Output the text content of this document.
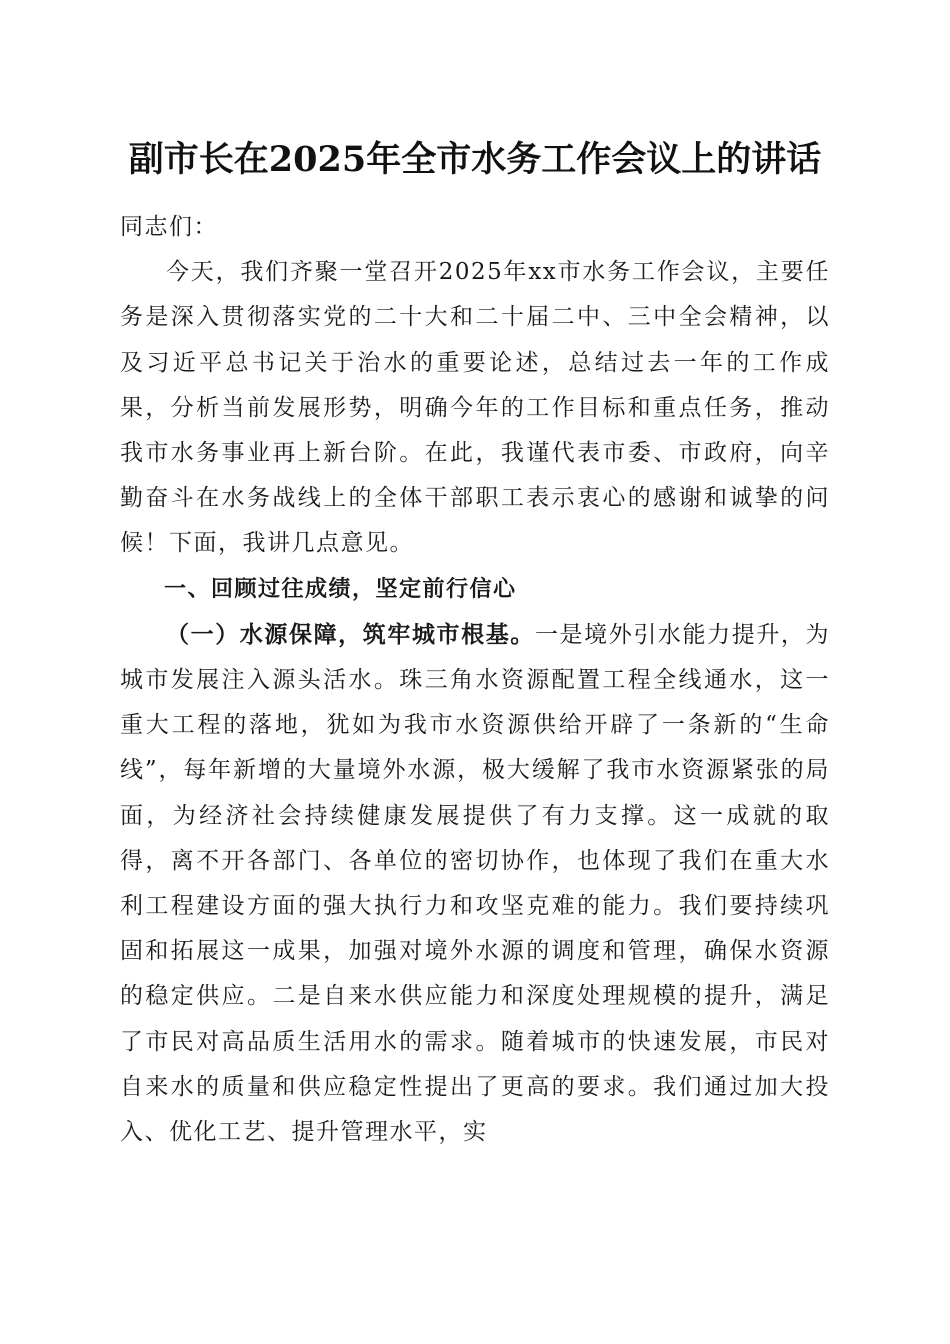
副市长在2025年全市水务工作会议上的讲话

同志们：

今天，我们齐聚一堂召开2025年xx市水务工作会议，主要任务是深入贯彻落实党的二十大和二十届二中、三中全会精神，以及习近平总书记关于治水的重要论述，总结过去一年的工作成果，分析当前发展形势，明确今年的工作目标和重点任务，推动我市水务事业再上新台阶。在此，我谨代表市委、市政府，向辛勤奋斗在水务战线上的全体干部职工表示衷心的感谢和诚挚的问候！下面，我讲几点意见。

一、回顾过往成绩，坚定前行信心

（一）水源保障，筑牢城市根基。一是境外引水能力提升，为城市发展注入源头活水。珠三角水资源配置工程全线通水，这一重大工程的落地，犹如为我市水资源供给开辟了一条新的“生命线”，每年新增的大量境外水源，极大缓解了我市水资源紧张的局面，为经济社会持续健康发展提供了有力支撑。这一成就的取得，离不开各部门、各单位的密切协作，也体现了我们在重大水利工程建设方面的强大执行力和攻坚克难的能力。我们要持续巩固和拓展这一成果，加强对境外水源的调度和管理，确保水资源的稳定供应。二是自来水供应能力和深度处理规模的提升，满足了市民对高品质生活用水的需求。随着城市的快速发展，市民对自来水的质量和供应稳定性提出了更高的要求。我们通过加大投入、优化工艺、提升管理水平，实
